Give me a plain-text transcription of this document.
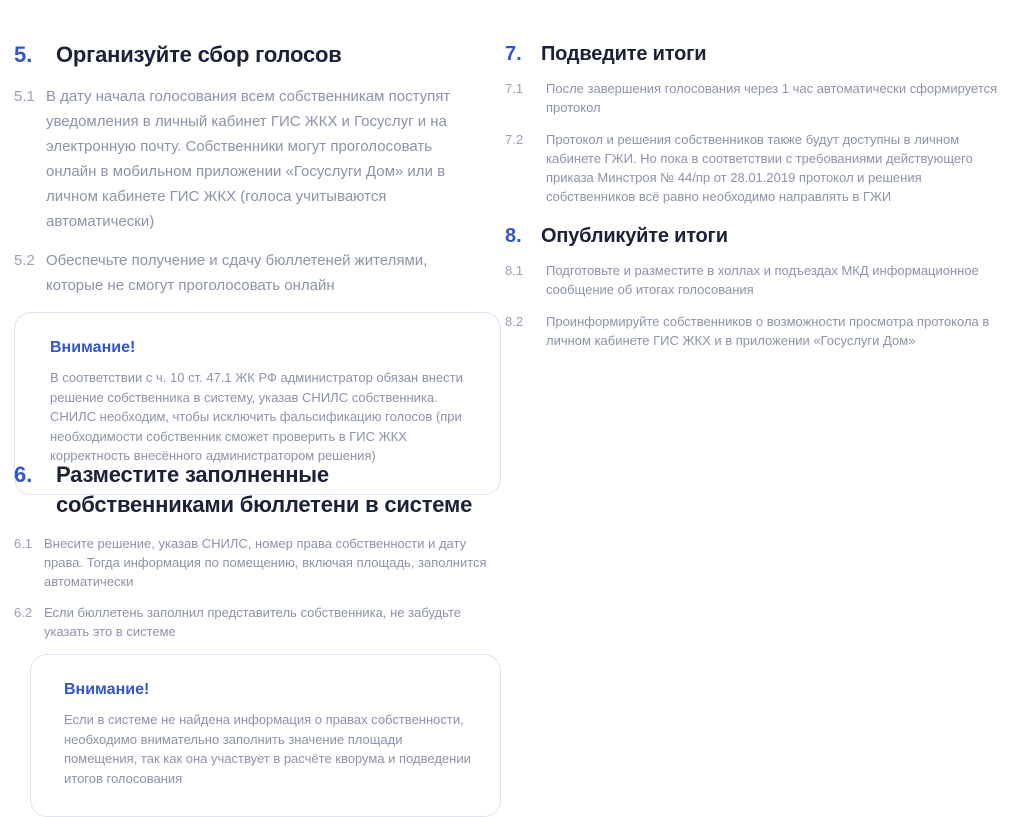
5.	Организуйте сбор голосов
5.1 В дату начала голосования всем собственникам поступят уведомления в личный кабинет ГИС ЖКХ и Госуслуг и на электронную почту. Собственники могут проголосовать онлайн в мобильном приложении «Госуслуги Дом» или в личном кабинете ГИС ЖКХ (голоса учитываются автоматически)
5.2 Обеспечьте получение и сдачу бюллетеней жителями, которые не смогут проголосовать онлайн
Внимание!
В соответствии с ч. 10 ст. 47.1 ЖК РФ администратор обязан внести решение собственника в систему, указав СНИЛС собственника. СНИЛС необходим, чтобы исключить фальсификацию голосов (при необходимости собственник сможет проверить в ГИС ЖКХ корректность внесённого администратором решения)
6.	Разместите заполненные собственниками бюллетени в системе
6.1 Внесите решение, указав СНИЛС, номер права собственности и дату права. Тогда информация по помещению, включая площадь, заполнится автоматически
6.2 Если бюллетень заполнил представитель собственника, не забудьте указать это в системе
Внимание!
Если в системе не найдена информация о правах собственности, необходимо внимательно заполнить значение площади помещения, так как она участвует в расчёте кворума и подведении итогов голосования
7. Подведите итоги
7.1	После завершения голосования через 1 час автоматически сформируется протокол
7.2	Протокол и решения собственников также будут доступны в личном кабинете ГЖИ. Но пока в соответствии с требованиями действующего приказа Минстроя № 44/пр от 28.01.2019 протокол и решения собственников всё равно необходимо направлять в ГЖИ
8. Опубликуйте итоги
8.1	Подготовьте и разместите в холлах и подъездах МКД информационное сообщение об итогах голосования
8.2	Проинформируйте собственников о возможности просмотра протокола в личном кабинете ГИС ЖКХ и в приложении «Госуслуги Дом»
